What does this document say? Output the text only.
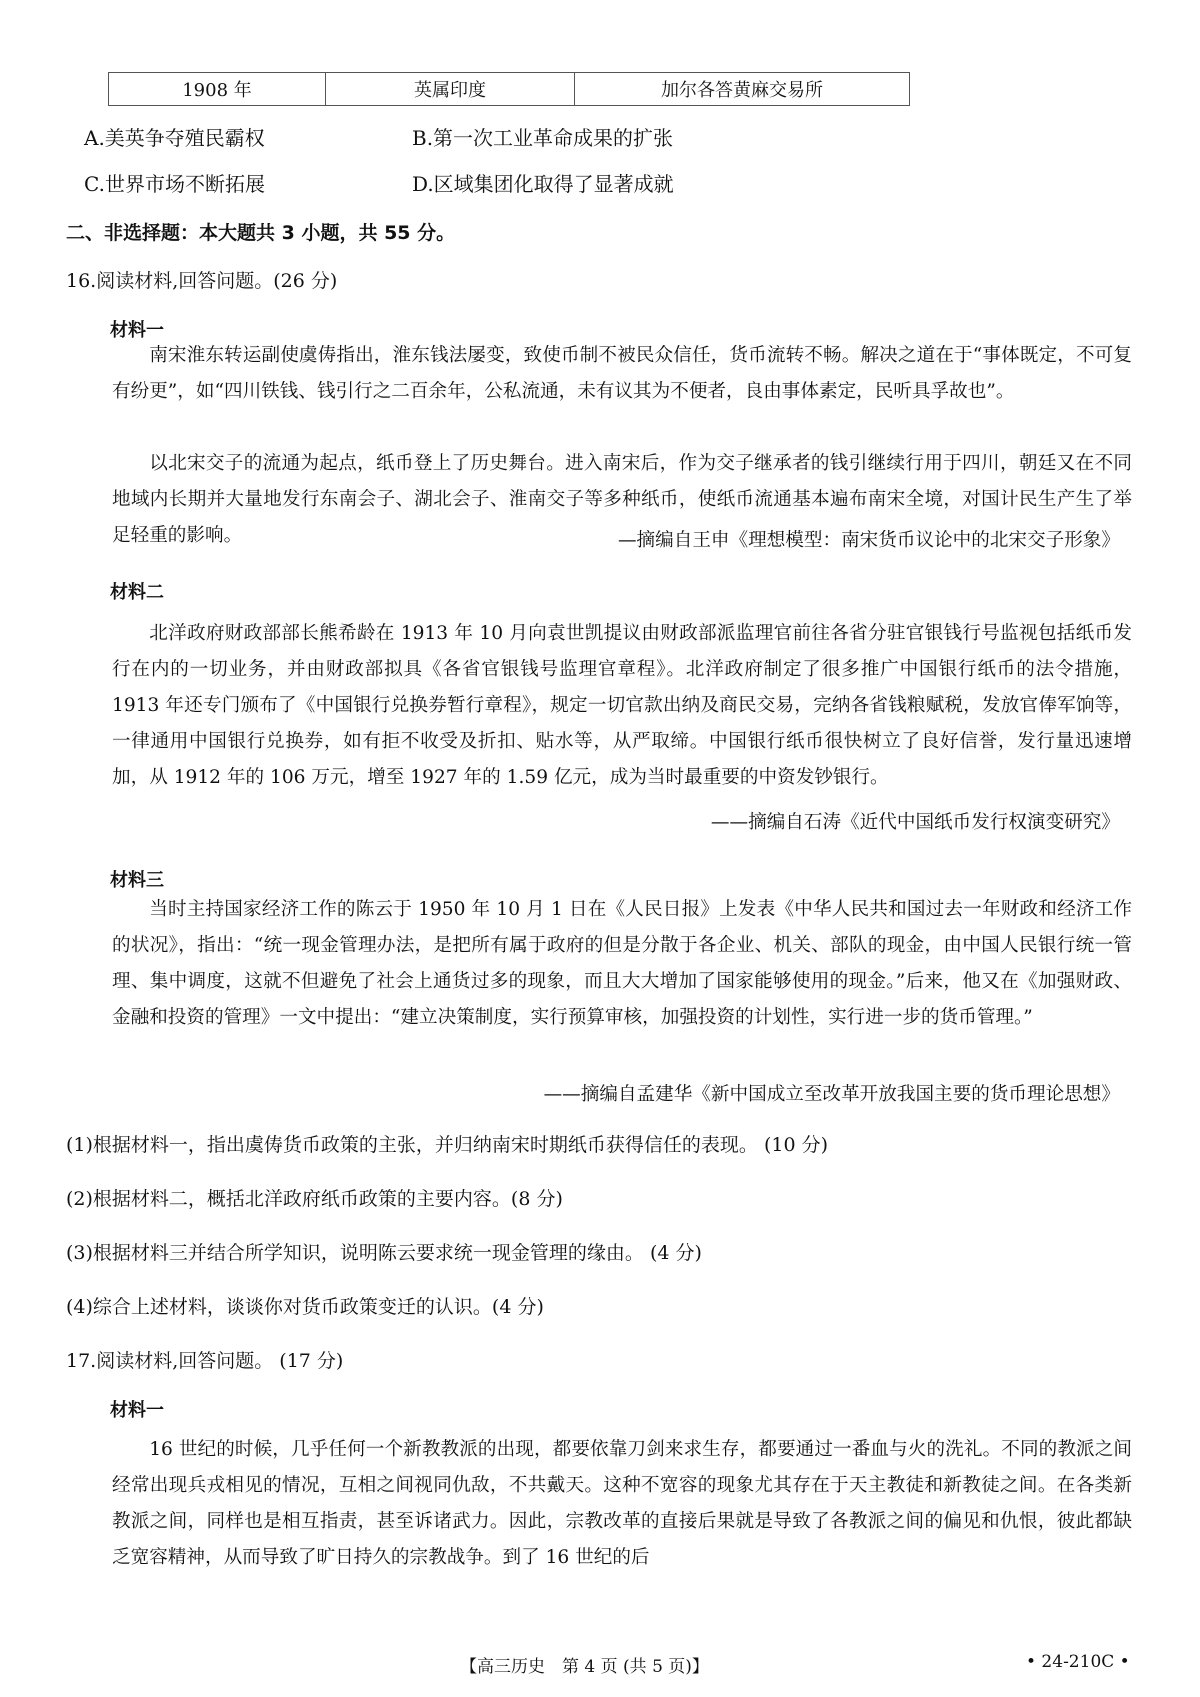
1908 年	英属印度	加尔各答黄麻交易所
A.美英争夺殖民霸权	B.第一次工业革命成果的扩张
C.世界市场不断拓展	D.区域集团化取得了显著成就
二、非选择题：本大题共 3 小题，共 55 分。
16.阅读材料,回答问题。(26 分)
材料一
南宋淮东转运副使虞俦指出，淮东钱法屡变，致使币制不被民众信任，货币流转不畅。解决之道在于“事体既定，不可复有纷更”，如“四川铁钱、钱引行之二百余年，公私流通，未有议其为不便者，良由事体素定，民听具孚故也”。
以北宋交子的流通为起点，纸币登上了历史舞台。进入南宋后，作为交子继承者的钱引继续行用于四川，朝廷又在不同地域内长期并大量地发行东南会子、湖北会子、淮南交子等多种纸币，使纸币流通基本遍布南宋全境，对国计民生产生了举足轻重的影响。	—摘编自王申《理想模型：南宋货币议论中的北宋交子形象》
材料二
北洋政府财政部部长熊希龄在 1913 年 10 月向袁世凯提议由财政部派监理官前往各省分驻官银钱行号监视包括纸币发行在内的一切业务，并由财政部拟具《各省官银钱号监理官章程》。北洋政府制定了很多推广中国银行纸币的法令措施，1913 年还专门颁布了《中国银行兑换券暂行章程》，规定一切官款出纳及商民交易，完纳各省钱粮赋税，发放官俸军饷等，一律通用中国银行兑换券，如有拒不收受及折扣、贴水等，从严取缔。中国银行纸币很快树立了良好信誉，发行量迅速增加，从 1912 年的 106 万元，增至 1927 年的 1.59 亿元，成为当时最重要的中资发钞银行。
——摘编自石涛《近代中国纸币发行权演变研究》
材料三
当时主持国家经济工作的陈云于 1950 年 10 月 1 日在《人民日报》上发表《中华人民共和国过去一年财政和经济工作的状况》，指出：“统一现金管理办法，是把所有属于政府的但是分散于各企业、机关、部队的现金，由中国人民银行统一管理、集中调度，这就不但避免了社会上通货过多的现象，而且大大增加了国家能够使用的现金。”后来，他又在《加强财政、金融和投资的管理》一文中提出：“建立决策制度，实行预算审核，加强投资的计划性，实行进一步的货币管理。”
——摘编自孟建华《新中国成立至改革开放我国主要的货币理论思想》
(1)根据材料一，指出虞俦货币政策的主张，并归纳南宋时期纸币获得信任的表现。 (10 分)
(2)根据材料二，概括北洋政府纸币政策的主要内容。(8 分)
(3)根据材料三并结合所学知识，说明陈云要求统一现金管理的缘由。 (4 分)
(4)综合上述材料，谈谈你对货币政策变迁的认识。(4 分)
17.阅读材料,回答问题。 (17 分)
材料一
16 世纪的时候，几乎任何一个新教教派的出现，都要依靠刀剑来求生存，都要通过一番血与火的洗礼。不同的教派之间经常出现兵戎相见的情况，互相之间视同仇敌，不共戴天。这种不宽容的现象尤其存在于天主教徒和新教徒之间。在各类新教派之间，同样也是相互指责，甚至诉诸武力。因此，宗教改革的直接后果就是导致了各教派之间的偏见和仇恨，彼此都缺乏宽容精神，从而导致了旷日持久的宗教战争。到了 16 世纪的后
【高三历史　第 4 页 (共 5 页)】	• 24-210C •
